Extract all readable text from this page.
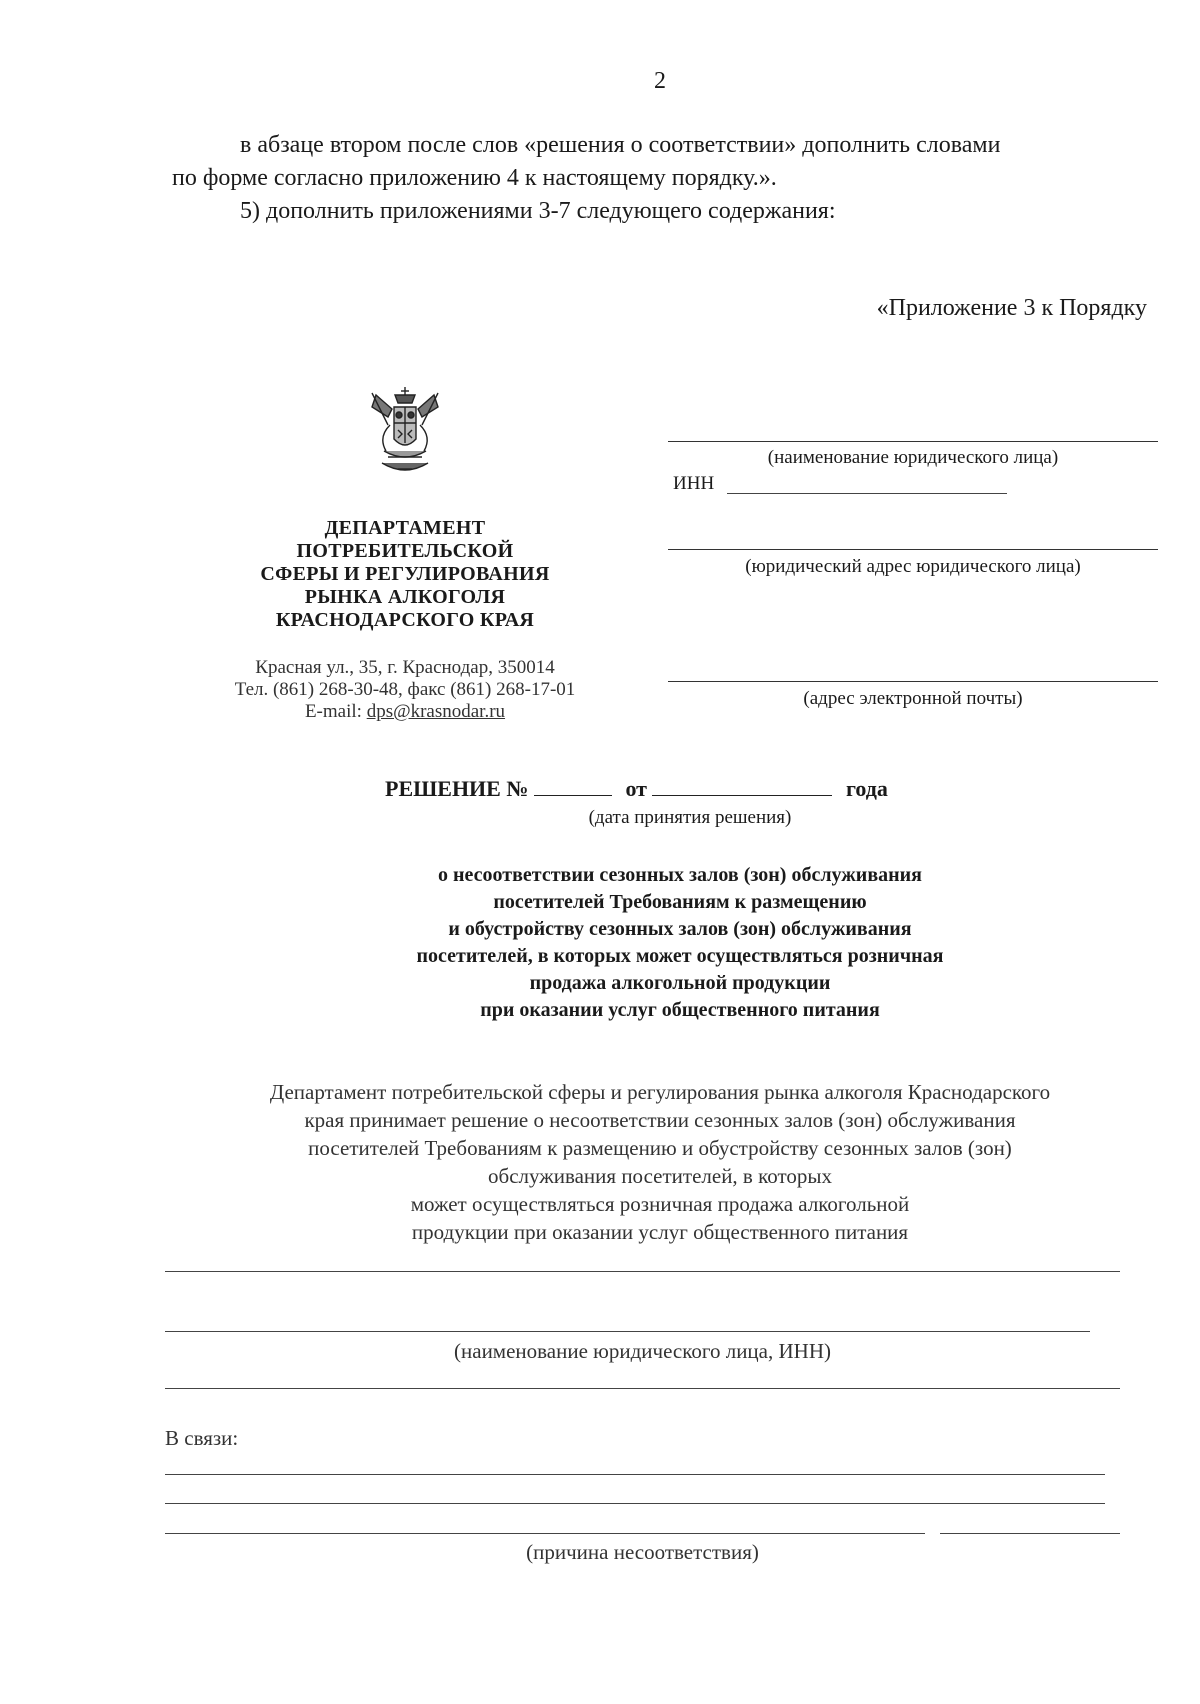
2
в абзаце втором после слов «решения о соответствии» дополнить словами
по форме согласно приложению 4 к настоящему порядку.».
5) дополнить приложениями 3-7 следующего содержания:
«Приложение 3 к Порядку
ДЕПАРТАМЕНТ
ПОТРЕБИТЕЛЬСКОЙ
СФЕРЫ И РЕГУЛИРОВАНИЯ
РЫНКА АЛКОГОЛЯ
КРАСНОДАРСКОГО КРАЯ
Красная ул., 35, г. Краснодар, 350014
Тел. (861) 268-30-48, факс (861) 268-17-01
E-mail: dps@krasnodar.ru
(наименование юридического лица)
ИНН
(юридический адрес юридического лица)
(адрес электронной почты)
РЕШЕНИЕ №	от	года
(дата принятия решения)
о несоответствии сезонных залов (зон) обслуживания
посетителей Требованиям к размещению
и обустройству сезонных залов (зон) обслуживания
посетителей, в которых может осуществляться розничная
продажа алкогольной продукции
при оказании услуг общественного питания
Департамент потребительской сферы и регулирования рынка алкоголя Краснодарского
края принимает решение о несоответствии сезонных залов (зон) обслуживания
посетителей Требованиям к размещению и обустройству сезонных залов (зон)
обслуживания посетителей, в которых
может осуществляться розничная продажа алкогольной
продукции при оказании услуг общественного питания
(наименование юридического лица, ИНН)
В связи:
(причина несоответствия)
